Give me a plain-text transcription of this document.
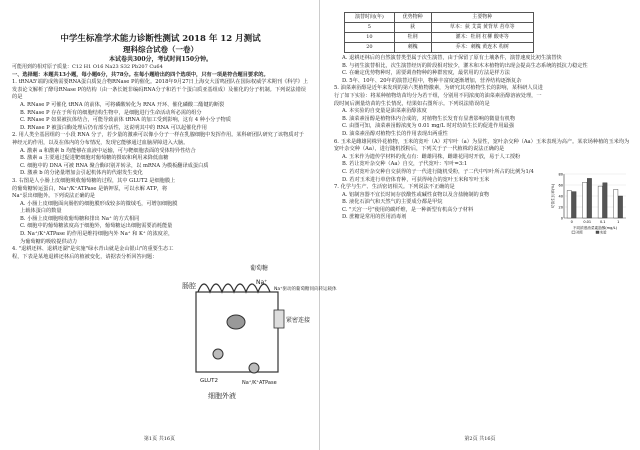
中学生标准学术能力诊断性测试 2018 年 12 月测试
理科综合试卷（一卷）
本试卷共300分，考试时间150分钟。

可能用到的相对原子质量：C12 H1 O16 Na23 S32 Pb207 Cu64

一、选择题：本题共13小题，每小题6分，共78分。在每小题给出的四个选项中，只有一项是符合题目要求的。

1. tRNA5'端的成熟需要RNA蛋白质复合物RNase P的催化。2018年9月27日上海交大雷鸣团队在国际权威学术期刊《科学》上发表论文解析了酵母RNase P的结构（由一条长链非编码RNA分子和若干个蛋白质亚基组成）及催化的分子机制。下列说法错误的是

A. RNase P 可催化 tRNA 的前体，可将磷酸转化为 RNA 开环、催化磷酸二酯键的断裂

B. RNase P 存在于所有的细胞结构生物中，是细胞进行生命活动所必需的组分

C. RNase P 如果被抗体结合，可能导致前体 tRNA 的加工受到影响，这有 4 种小分子物质

D. RNase P 被蛋白酶处理后仍有部分活性，这说明其中的 RNA 可以起催化作用

2. 用人类全基因组的一小段 RNA 分子，若少量的激素可以像小分子一样在乳腺细胞中发挥作用。某科研团队研究了该物质对于神经元的作用，以及在体内的分布情况，发现它能够通过血脑屏障进入大脑。

A. 激素 a 和激素 b 均能够在血液中运输，可与靶细胞表面的受体特异性结合

B. 激素 a 主要通过促进靶细胞对葡萄糖的摄取和利用来降低血糖

C. 细胞中的 DNA 可被 RNA 聚合酶识别并转录，以 mRNA 为模板翻译成蛋白质

D. 激素 b 的分泌量增加会引起机体内的代谢发生变化

3. 右图是人小肠上皮细胞吸收葡萄糖的过程，其中 GLUT2 是细胞膜上的葡萄糖转运蛋白，Na⁺/K⁺ATPase 是钠钾泵，可以水解 ATP，将 Na⁺泵出细胞外。下列说法正确的是

A. 小肠上皮细胞面向肠腔的细胞膜形成较多的微绒毛，可增加细胞膜上载体蛋白的数量

B. 小肠上皮细胞吸收葡萄糖和排出 Na⁺ 的方式相同

C. 细胞中的葡萄糖浓度高于细胞外，葡萄糖运出细胞需要消耗能量

D. Na⁺/K⁺ATPase 的作用是维持细胞内外 Na⁺ 和 K⁺ 的浓度差，为葡萄糖的吸收提供动力

4. "退耕还林、退耕还湖"是实施"绿水青山就是金山银山"的重要生态工程，下表是某地退耕还林后的植被变化，请据表分析回答问题：

葡萄糖
肠腔	Na⁺
Na⁺驱动的葡萄糖同向转运载体
紧密连接
GLUT2	Na⁺/K⁺ATPase
细胞外液
第1页 共16页
演替时间(年)	优势物种	主要物种
5	荻	草本：荻 艾蒿 黄背草 苔草等
10	牡荆	灌木：牡荆 杠柳 酸枣等
20	刺槐	乔木：刺槐 黄连木 构树

A. 退耕还林后的自然演替类型属于次生演替，由于保留了原有土壤条件，演替速度比初生演替快

B. 与初生演替相比，次生演替经历的阶段相对较少，灌木和木本植物的出现会提高生态系统的抵抗力稳定性

C. 在确定优势物种时，需要调查物种的种群密度，最常用的方法是样方法

D. 5年、10年、20年的演替过程中，物种丰富度逐渐增加，营养结构逐渐复杂

5. 油菜素甾醇是近年来发现的第六类植物激素，为研究其对植物生长的影响，某科研人员进行了如下实验：将某种植物幼苗均分为若干组，分别用不同浓度的油菜素甾醇溶液处理，一段时间后测量幼苗的生长情况，结果如右图所示。下列说法错误的是

A. 本实验的自变量是油菜素甾醇浓度

B. 油菜素甾醇是植物体内合成的，对植物生长发育有显著影响的微量有机物

C. 由图可知，油菜素甾醇浓度为 0.01 mg/L 时对幼苗生长的促进作用最强

D. 油菜素甾醇对植物生长的作用表现出两重性

6. 玉米是雌雄同株异花植物，玉米的宽叶（A）对窄叶（a）为显性，宽叶杂交种（Aa）玉米表现为高产。某农场种植的玉米均为宽叶杂交种（Aa），进行随机授粉后，下列关于子一代植株的说法正确的是

A. 玉米作为遗传学材料的优点有：雌雄同株，雌雄花同时开放，易于人工授粉

B. 若让宽叶杂交种（Aa）自交，子代宽叶：窄叶=3:1

C. 若对宽叶杂交种自交获得的子一代进行随机受粉，子二代中窄叶所占的比例为1/4

D. 若对玉米进行单倍体育种，可获得纯合的宽叶玉米和窄叶玉米

7. 化学与生产、生活密切相关。下列说法不正确的是

A. 铝制容器不宜长时间存放酸性或碱性食物以及含盐腌制的食物

B. 液化石油气和天然气的主要成分都是甲烷

C. "天宫一号"使用的碳纤维，是一种新型有机高分子材料

D. 蔗糖是常用的医用消毒剂	0
20
40
60
80
0	0.01	0.1	1
不同浓度油菜素甾醇(mg/L)
幼苗生长率(%)
对照	实验
第2页 共16页
